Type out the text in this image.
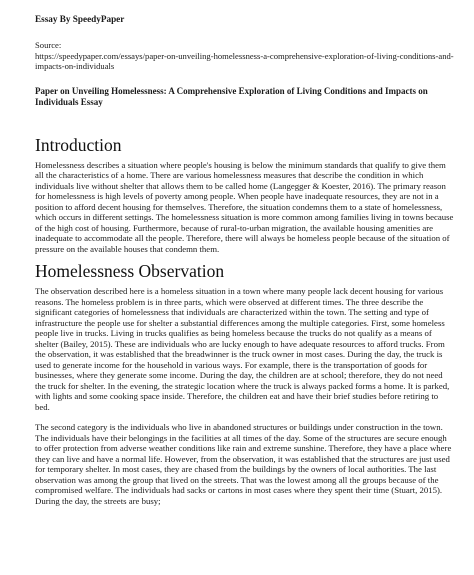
Essay By SpeedyPaper
Source:
https://speedypaper.com/essays/paper-on-unveiling-homelessness-a-comprehensive-exploration-of-living-conditions-and-impacts-on-individuals
Paper on Unveiling Homelessness: A Comprehensive Exploration of Living Conditions and Impacts on Individuals Essay
Introduction

Homelessness describes a situation where people's housing is below the minimum standards that qualify to give them all the characteristics of a home. There are various homelessness measures that describe the condition in which individuals live without shelter that allows them to be called home (Langegger & Koester, 2016). The primary reason for homelessness is high levels of poverty among people. When people have inadequate resources, they are not in a position to afford decent housing for themselves. Therefore, the situation condemns them to a state of homelessness, which occurs in different settings. The homelessness situation is more common among families living in towns because of the high cost of housing. Furthermore, because of rural-to-urban migration, the available housing amenities are inadequate to accommodate all the people. Therefore, there will always be homeless people because of the situation of pressure on the available houses that condemn them.

Homelessness Observation

The observation described here is a homeless situation in a town where many people lack decent housing for various reasons. The homeless problem is in three parts, which were observed at different times. The three describe the significant categories of homelessness that individuals are characterized within the town. The setting and type of infrastructure the people use for shelter a substantial differences among the multiple categories. First, some homeless people live in trucks. Living in trucks qualifies as being homeless because the trucks do not qualify as a means of shelter (Bailey, 2015). These are individuals who are lucky enough to have adequate resources to afford trucks. From the observation, it was established that the breadwinner is the truck owner in most cases. During the day, the truck is used to generate income for the household in various ways. For example, there is the transportation of goods for businesses, where they generate some income. During the day, the children are at school; therefore, they do not need the truck for shelter. In the evening, the strategic location where the truck is always packed forms a home. It is parked, with lights and some cooking space inside. Therefore, the children eat and have their brief studies before retiring to bed.

The second category is the individuals who live in abandoned structures or buildings under construction in the town. The individuals have their belongings in the facilities at all times of the day. Some of the structures are secure enough to offer protection from adverse weather conditions like rain and extreme sunshine. Therefore, they have a place where they can live and have a normal life. However, from the observation, it was established that the structures are just used for temporary shelter. In most cases, they are chased from the buildings by the owners of local authorities. The last observation was among the group that lived on the streets. That was the lowest among all the groups because of the compromised welfare. The individuals had sacks or cartons in most cases where they spent their time (Stuart, 2015). During the day, the streets are busy;
